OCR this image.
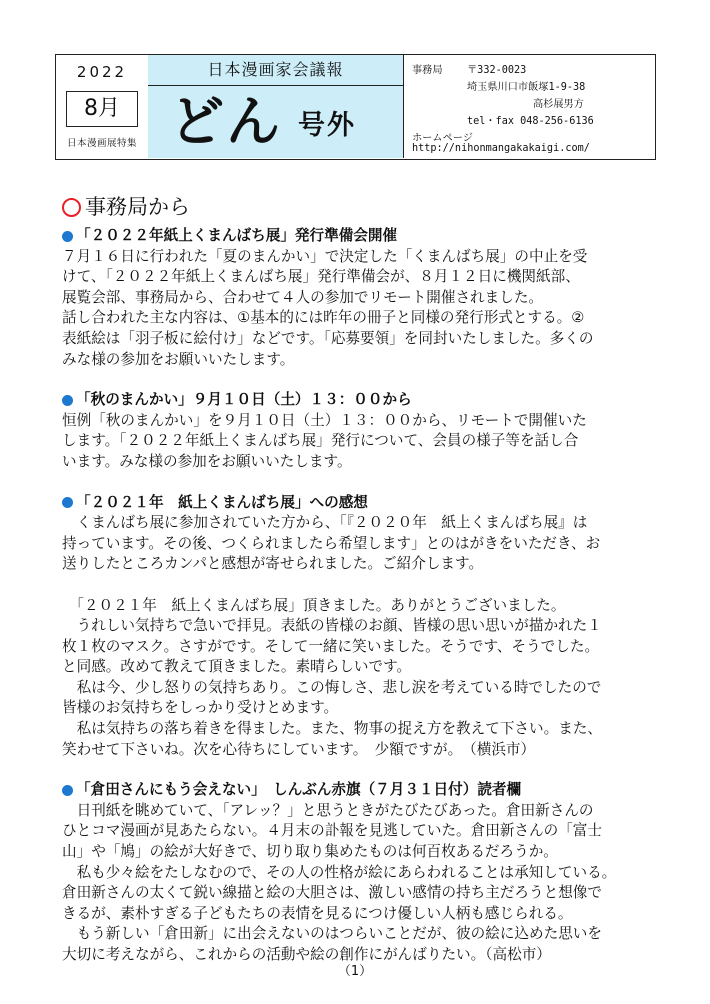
2022
8月
日本漫画展特集
日本漫画家会議報
どん 号外
事務局 〒332-0023
埼玉県川口市飯塚1-9-38
高杉展男方
tel・fax 048-256-6136
ホームページ
http://nihonmangakakaigi.com/
事務局から
「２０２２年紙上くまんばち展」発行準備会開催

７月１６日に行われた「夏のまんかい」で決定した「くまんばち展」の中止を受

けて、「２０２２年紙上くまんばち展」発行準備会が、８月１２日に機関紙部、

展覧会部、事務局から、合わせて４人の参加でリモート開催されました。

話し合われた主な内容は、①基本的には昨年の冊子と同様の発行形式とする。②

表紙絵は「羽子板に絵付け」などです。「応募要領」を同封いたしました。多くの

みな様の参加をお願いいたします。

「秋のまんかい」９月１０日（土）１３：００から

恒例「秋のまんかい」を９月１０日（土）１３：００から、リモートで開催いた

します。「２０２２年紙上くまんばち展」発行について、会員の様子等を話し合

います。みな様の参加をお願いいたします。

「２０２１年　紙上くまんばち展」への感想

　くまんばち展に参加されていた方から、「『２０２０年　紙上くまんばち展』は

持っています。その後、つくられましたら希望します」とのはがきをいただき、お

送りしたところカンパと感想が寄せられました。ご紹介します。

　「２０２１年　紙上くまんばち展」頂きました。ありがとうございました。

　うれしい気持ちで急いで拝見。表紙の皆様のお顔、皆様の思い思いが描かれた１

枚１枚のマスク。さすがです。そして一緒に笑いました。そうです、そうでした。

と同感。改めて教えて頂きました。素晴らしいです。

　私は今、少し怒りの気持ちあり。この悔しさ、悲し涙を考えている時でしたので

皆様のお気持ちをしっかり受けとめます。

　私は気持ちの落ち着きを得ました。また、物事の捉え方を教えて下さい。また、

笑わせて下さいね。次を心待ちにしています。　少額ですが。　（横浜市）

「倉田さんにもう会えない」　しんぶん赤旗（７月３１日付）読者欄

　日刊紙を眺めていて、「アレッ？」と思うときがたびたびあった。倉田新さんの

ひとコマ漫画が見あたらない。４月末の訃報を見逃していた。倉田新さんの「富士

山」や「鳩」の絵が大好きで、切り取り集めたものは何百枚あるだろうか。

　私も少々絵をたしなむので、その人の性格が絵にあらわれることは承知している。

倉田新さんの太くて鋭い線描と絵の大胆さは、激しい感情の持ち主だろうと想像で

きるが、素朴すぎる子どもたちの表情を見るにつけ優しい人柄も感じられる。

　もう新しい「倉田新」に出会えないのはつらいことだが、彼の絵に込めた思いを

大切に考えながら、これからの活動や絵の創作にがんばりたい。（高松市）

（1）
